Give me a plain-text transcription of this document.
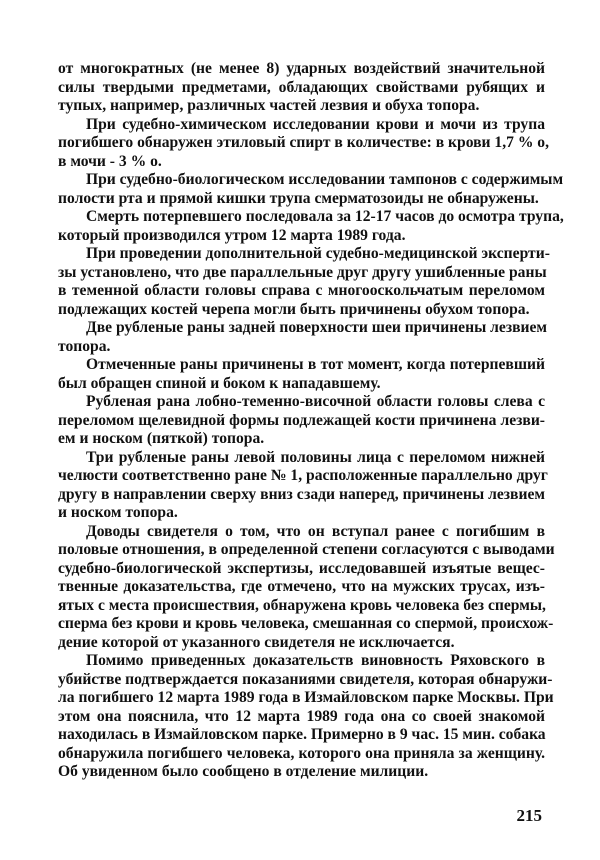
от многократных (не менее 8) ударных воздействий значительной
силы твердыми предметами, обладающих свойствами рубящих и
тупых, например, различных частей лезвия и обуха топора.
При судебно-химическом исследовании крови и мочи из трупа
погибшего обнаружен этиловый спирт в количестве: в крови 1,7 % о,
в мочи - 3 % о.
При судебно-биологическом исследовании тампонов с содержимым
полости рта и прямой кишки трупа смерматозоиды не обнаружены.
Смерть потерпевшего последовала за 12-17 часов до осмотра трупа,
который производился утром 12 марта 1989 года.
При проведении дополнительной судебно-медицинской эксперти-
зы установлено, что две параллельные друг другу ушибленные раны
в теменной области головы справа с многооскольчатым переломом
подлежащих костей черепа могли быть причинены обухом топора.
Две рубленые раны задней поверхности шеи причинены лезвием
топора.
Отмеченные раны причинены в тот момент, когда потерпевший
был обращен спиной и боком к нападавшему.
Рубленая рана лобно-теменно-височной области головы слева с
переломом щелевидной формы подлежащей кости причинена лезви-
ем и носком (пяткой) топора.
Три рубленые раны левой половины лица с переломом нижней
челюсти соответственно ране № 1, расположенные параллельно друг
другу в направлении сверху вниз сзади наперед, причинены лезвием
и носком топора.
Доводы свидетеля о том, что он вступал ранее с погибшим в
половые отношения, в определенной степени согласуются с выводами
судебно-биологической экспертизы, исследовавшей изъятые вещес-
твенные доказательства, где отмечено, что на мужских трусах, изъ-
ятых с места происшествия, обнаружена кровь человека без спермы,
сперма без крови и кровь человека, смешанная со спермой, происхож-
дение которой от указанного свидетеля не исключается.
Помимо приведенных доказательств виновность Ряховского в
убийстве подтверждается показаниями свидетеля, которая обнаружи-
ла погибшего 12 марта 1989 года в Измайловском парке Москвы. При
этом она пояснила, что 12 марта 1989 года она со своей знакомой
находилась в Измайловском парке. Примерно в 9 час. 15 мин. собака
обнаружила погибшего человека, которого она приняла за женщину.
Об увиденном было сообщено в отделение милиции.
215
